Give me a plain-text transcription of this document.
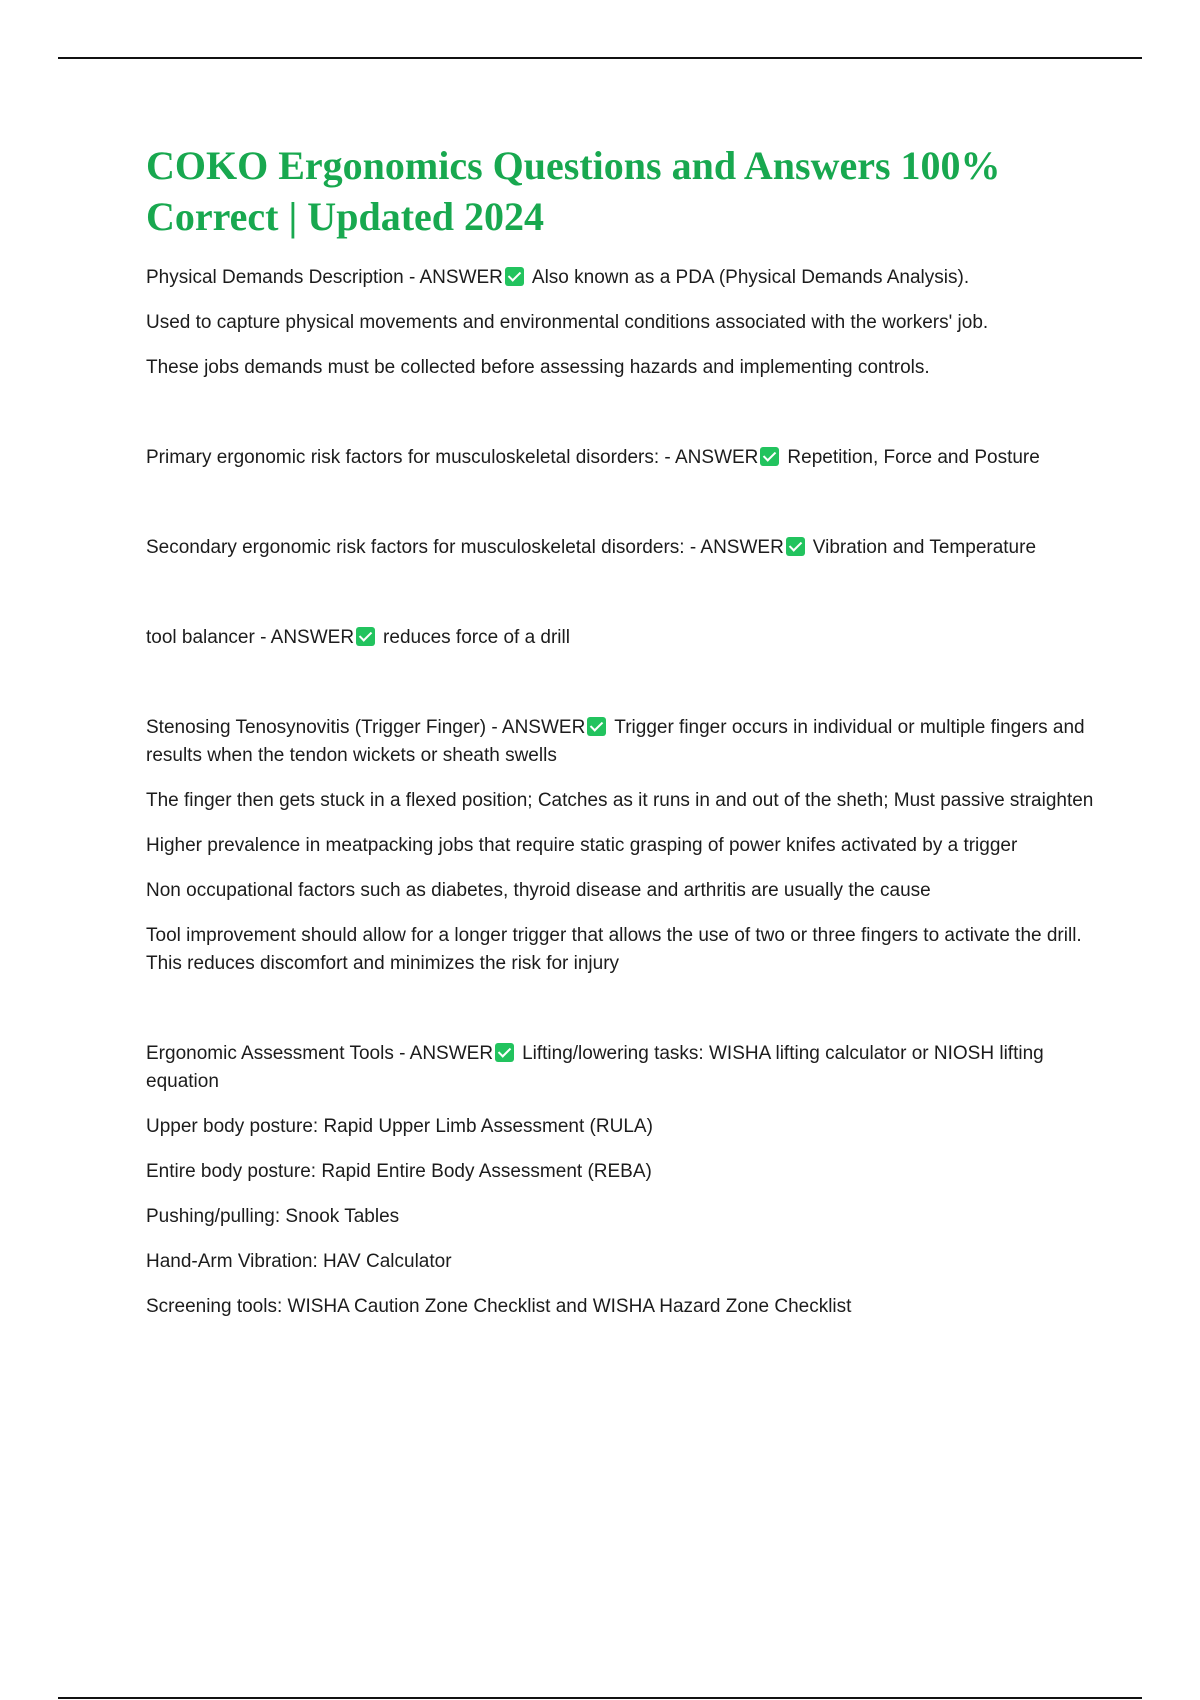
COKO Ergonomics Questions and Answers 100% Correct | Updated 2024

Physical Demands Description - ANSWER Also known as a PDA (Physical Demands Analysis).

Used to capture physical movements and environmental conditions associated with the workers' job.

These jobs demands must be collected before assessing hazards and implementing controls.

Primary ergonomic risk factors for musculoskeletal disorders: - ANSWER Repetition, Force and Posture

Secondary ergonomic risk factors for musculoskeletal disorders: - ANSWER Vibration and Temperature

tool balancer - ANSWER reduces force of a drill

Stenosing Tenosynovitis (Trigger Finger) - ANSWER Trigger finger occurs in individual or multiple fingers and results when the tendon wickets or sheath swells

The finger then gets stuck in a flexed position; Catches as it runs in and out of the sheth; Must passive straighten

Higher prevalence in meatpacking jobs that require static grasping of power knifes activated by a trigger

Non occupational factors such as diabetes, thyroid disease and arthritis are usually the cause

Tool improvement should allow for a longer trigger that allows the use of two or three fingers to activate the drill. This reduces discomfort and minimizes the risk for injury

Ergonomic Assessment Tools - ANSWER Lifting/lowering tasks: WISHA lifting calculator or NIOSH lifting equation

Upper body posture: Rapid Upper Limb Assessment (RULA)

Entire body posture: Rapid Entire Body Assessment (REBA)

Pushing/pulling: Snook Tables

Hand-Arm Vibration: HAV Calculator

Screening tools: WISHA Caution Zone Checklist and WISHA Hazard Zone Checklist
